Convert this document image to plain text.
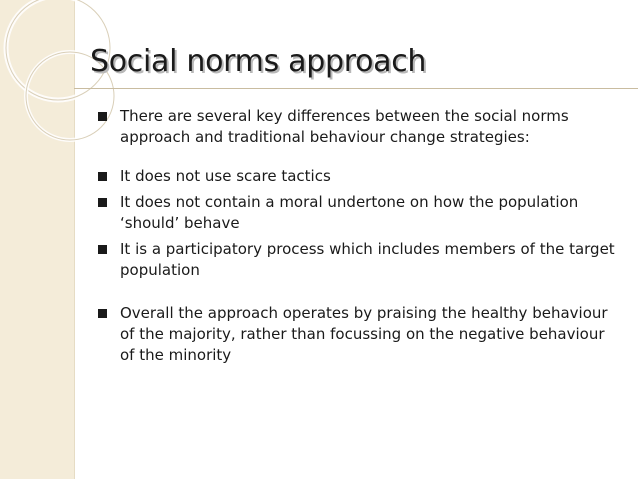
Social norms approach
There are several key differences between the social norms approach and traditional behaviour change strategies:
It does not use scare tactics
It does not contain a moral undertone on how the population ‘should’ behave
It is a participatory process which includes members of the target population
Overall the approach operates by praising the healthy behaviour of the majority, rather than focussing on the negative behaviour of the minority
